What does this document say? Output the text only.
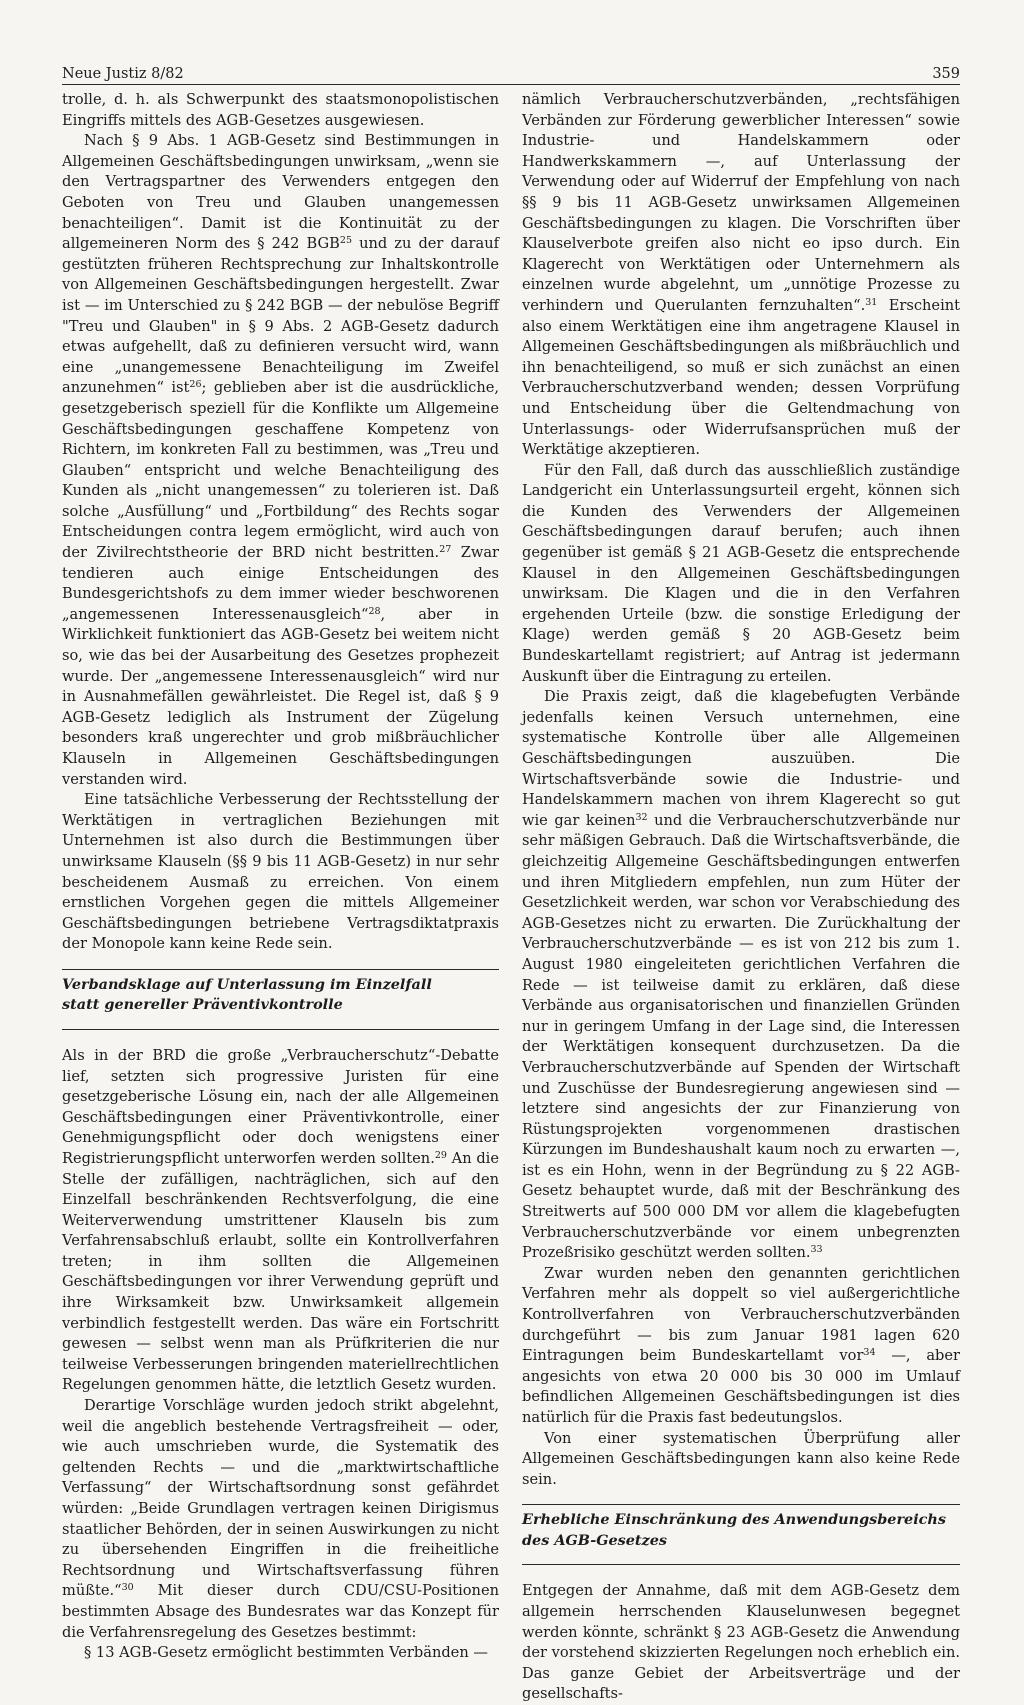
Neue Justiz 8/82	359

trolle, d. h. als Schwerpunkt des staatsmonopolistischen Eingriffs mittels des AGB-Gesetzes ausgewiesen.

Nach § 9 Abs. 1 AGB-Gesetz sind Bestimmungen in Allgemeinen Geschäftsbedingungen unwirksam, „wenn sie den Vertragspartner des Verwenders entgegen den Geboten von Treu und Glauben unangemessen benachteiligen“. Damit ist die Kontinuität zu der allgemeineren Norm des § 242 BGB$^{25}$ und zu der darauf gestützten früheren Rechtsprechung zur Inhaltskontrolle von Allgemeinen Geschäftsbedingungen hergestellt. Zwar ist — im Unterschied zu § 242 BGB — der nebulöse Begriff "Treu und Glauben" in § 9 Abs. 2 AGB-Gesetz dadurch etwas aufgehellt, daß zu definieren versucht wird, wann eine „unangemessene Benachteiligung im Zweifel anzunehmen“ ist$^{26}$; geblieben aber ist die ausdrückliche, gesetzgeberisch speziell für die Konflikte um Allgemeine Geschäftsbedingungen geschaffene Kompetenz von Richtern, im konkreten Fall zu bestimmen, was „Treu und Glauben“ entspricht und welche Benachteiligung des Kunden als „nicht unangemessen“ zu tolerieren ist. Daß solche „Ausfüllung“ und „Fortbildung“ des Rechts sogar Entscheidungen contra legem ermöglicht, wird auch von der Zivilrechtstheorie der BRD nicht bestritten.$^{27}$ Zwar tendieren auch einige Entscheidungen des Bundesgerichtshofs zu dem immer wieder beschworenen „angemessenen Interessenausgleich“$^{28}$, aber in Wirklichkeit funktioniert das AGB-Gesetz bei weitem nicht so, wie das bei der Ausarbeitung des Gesetzes prophezeit wurde. Der „angemessene Interessenausgleich“ wird nur in Ausnahmefällen gewährleistet. Die Regel ist, daß § 9 AGB-Gesetz lediglich als Instrument der Zügelung besonders kraß ungerechter und grob mißbräuchlicher Klauseln in Allgemeinen Geschäftsbedingungen verstanden wird.

Eine tatsächliche Verbesserung der Rechtsstellung der Werktätigen in vertraglichen Beziehungen mit Unternehmen ist also durch die Bestimmungen über unwirksame Klauseln (§§ 9 bis 11 AGB-Gesetz) in nur sehr bescheidenem Ausmaß zu erreichen. Von einem ernstlichen Vorgehen gegen die mittels Allgemeiner Geschäftsbedingungen betriebene Vertragsdiktatpraxis der Monopole kann keine Rede sein.

Verbandsklage auf Unterlassung im Einzelfall
statt genereller Präventivkontrolle

Als in der BRD die große „Verbraucherschutz“-Debatte lief, setzten sich progressive Juristen für eine gesetzgeberische Lösung ein, nach der alle Allgemeinen Geschäftsbedingungen einer Präventivkontrolle, einer Genehmigungspflicht oder doch wenigstens einer Registrierungspflicht unterworfen werden sollten.$^{29}$ An die Stelle der zufälligen, nachträglichen, sich auf den Einzelfall beschränkenden Rechtsverfolgung, die eine Weiterverwendung umstrittener Klauseln bis zum Verfahrensabschluß erlaubt, sollte ein Kontrollverfahren treten; in ihm sollten die Allgemeinen Geschäftsbedingungen vor ihrer Verwendung geprüft und ihre Wirksamkeit bzw. Unwirksamkeit allgemein verbindlich festgestellt werden. Das wäre ein Fortschritt gewesen — selbst wenn man als Prüfkriterien die nur teilweise Verbesserungen bringenden materiellrechtlichen Regelungen genommen hätte, die letztlich Gesetz wurden.

Derartige Vorschläge wurden jedoch strikt abgelehnt, weil die angeblich bestehende Vertragsfreiheit — oder, wie auch umschrieben wurde, die Systematik des geltenden Rechts — und die „marktwirtschaftliche Verfassung“ der Wirtschaftsordnung sonst gefährdet würden: „Beide Grundlagen vertragen keinen Dirigismus staatlicher Behörden, der in seinen Auswirkungen zu nicht zu übersehenden Eingriffen in die freiheitliche Rechtsordnung und Wirtschaftsverfassung führen müßte.“$^{30}$ Mit dieser durch CDU/CSU-Positionen bestimmten Absage des Bundesrates war das Konzept für die Verfahrensregelung des Gesetzes bestimmt:

§ 13 AGB-Gesetz ermöglicht bestimmten Verbänden —

nämlich Verbraucherschutzverbänden, „rechtsfähigen Verbänden zur Förderung gewerblicher Interessen“ sowie Industrie- und Handelskammern oder Handwerkskammern —, auf Unterlassung der Verwendung oder auf Widerruf der Empfehlung von nach §§ 9 bis 11 AGB-Gesetz unwirksamen Allgemeinen Geschäftsbedingungen zu klagen. Die Vorschriften über Klauselverbote greifen also nicht eo ipso durch. Ein Klagerecht von Werktätigen oder Unternehmern als einzelnen wurde abgelehnt, um „unnötige Prozesse zu verhindern und Querulanten fernzuhalten“.$^{31}$ Erscheint also einem Werktätigen eine ihm angetragene Klausel in Allgemeinen Geschäftsbedingungen als mißbräuchlich und ihn benachteiligend, so muß er sich zunächst an einen Verbraucherschutzverband wenden; dessen Vorprüfung und Entscheidung über die Geltendmachung von Unterlassungs- oder Widerrufsansprüchen muß der Werktätige akzeptieren.

Für den Fall, daß durch das ausschließlich zuständige Landgericht ein Unterlassungsurteil ergeht, können sich die Kunden des Verwenders der Allgemeinen Geschäftsbedingungen darauf berufen; auch ihnen gegenüber ist gemäß § 21 AGB-Gesetz die entsprechende Klausel in den Allgemeinen Geschäftsbedingungen unwirksam. Die Klagen und die in den Verfahren ergehenden Urteile (bzw. die sonstige Erledigung der Klage) werden gemäß § 20 AGB-Gesetz beim Bundeskartellamt registriert; auf Antrag ist jedermann Auskunft über die Eintragung zu erteilen.

Die Praxis zeigt, daß die klagebefugten Verbände jedenfalls keinen Versuch unternehmen, eine systematische Kontrolle über alle Allgemeinen Geschäftsbedingungen auszuüben. Die Wirtschaftsverbände sowie die Industrie- und Handelskammern machen von ihrem Klagerecht so gut wie gar keinen$^{32}$ und die Verbraucherschutzverbände nur sehr mäßigen Gebrauch. Daß die Wirtschaftsverbände, die gleichzeitig Allgemeine Geschäftsbedingungen entwerfen und ihren Mitgliedern empfehlen, nun zum Hüter der Gesetzlichkeit werden, war schon vor Verabschiedung des AGB-Gesetzes nicht zu erwarten. Die Zurückhaltung der Verbraucherschutzverbände — es ist von 212 bis zum 1. August 1980 eingeleiteten gerichtlichen Verfahren die Rede — ist teilweise damit zu erklären, daß diese Verbände aus organisatorischen und finanziellen Gründen nur in geringem Umfang in der Lage sind, die Interessen der Werktätigen konsequent durchzusetzen. Da die Verbraucherschutzverbände auf Spenden der Wirtschaft und Zuschüsse der Bundesregierung angewiesen sind — letztere sind angesichts der zur Finanzierung von Rüstungsprojekten vorgenommenen drastischen Kürzungen im Bundeshaushalt kaum noch zu erwarten —, ist es ein Hohn, wenn in der Begründung zu § 22 AGB-Gesetz behauptet wurde, daß mit der Beschränkung des Streitwerts auf 500 000 DM vor allem die klagebefugten Verbraucherschutzverbände vor einem unbegrenzten Prozeßrisiko geschützt werden sollten.$^{33}$

Zwar wurden neben den genannten gerichtlichen Verfahren mehr als doppelt so viel außergerichtliche Kontrollverfahren von Verbraucherschutzverbänden durchgeführt — bis zum Januar 1981 lagen 620 Eintragungen beim Bundeskartellamt vor$^{34}$ —, aber angesichts von etwa 20 000 bis 30 000 im Umlauf befindlichen Allgemeinen Geschäftsbedingungen ist dies natürlich für die Praxis fast bedeutungslos.

Von einer systematischen Überprüfung aller Allgemeinen Geschäftsbedingungen kann also keine Rede sein.

Erhebliche Einschränkung des Anwendungsbereichs
des AGB-Gesetzes

Entgegen der Annahme, daß mit dem AGB-Gesetz dem allgemein herrschenden Klauselunwesen begegnet werden könnte, schränkt § 23 AGB-Gesetz die Anwendung der vorstehend skizzierten Regelungen noch erheblich ein. Das ganze Gebiet der Arbeitsverträge und der gesellschafts-
